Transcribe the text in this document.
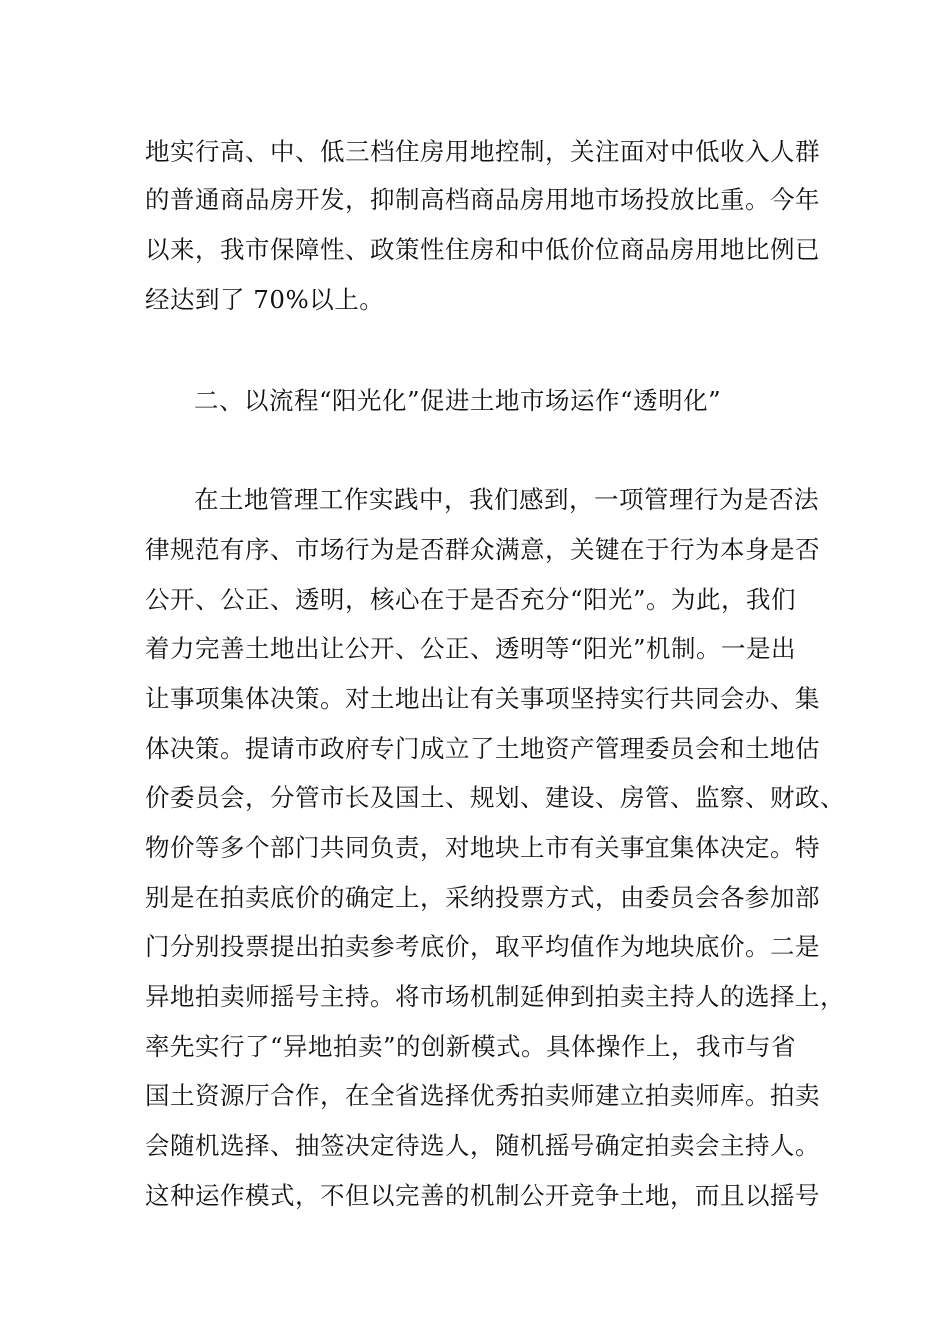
地实行高、中、低三档住房用地控制，关注面对中低收入人群
的普通商品房开发，抑制高档商品房用地市场投放比重。今年
以来，我市保障性、政策性住房和中低价位商品房用地比例已
经达到了 70%以上。
二、以流程“阳光化”促进土地市场运作“透明化”
在土地管理工作实践中，我们感到，一项管理行为是否法
律规范有序、市场行为是否群众满意，关键在于行为本身是否
公开、公正、透明，核心在于是否充分“阳光”。为此，我们
着力完善土地出让公开、公正、透明等“阳光”机制。一是出
让事项集体决策。对土地出让有关事项坚持实行共同会办、集
体决策。提请市政府专门成立了土地资产管理委员会和土地估
价委员会，分管市长及国土、规划、建设、房管、监察、财政、
物价等多个部门共同负责，对地块上市有关事宜集体决定。特
别是在拍卖底价的确定上，采纳投票方式，由委员会各参加部
门分别投票提出拍卖参考底价，取平均值作为地块底价。二是
异地拍卖师摇号主持。将市场机制延伸到拍卖主持人的选择上，
率先实行了“异地拍卖”的创新模式。具体操作上，我市与省
国土资源厅合作，在全省选择优秀拍卖师建立拍卖师库。拍卖
会随机选择、抽签决定待选人，随机摇号确定拍卖会主持人。
这种运作模式，不但以完善的机制公开竞争土地，而且以摇号
